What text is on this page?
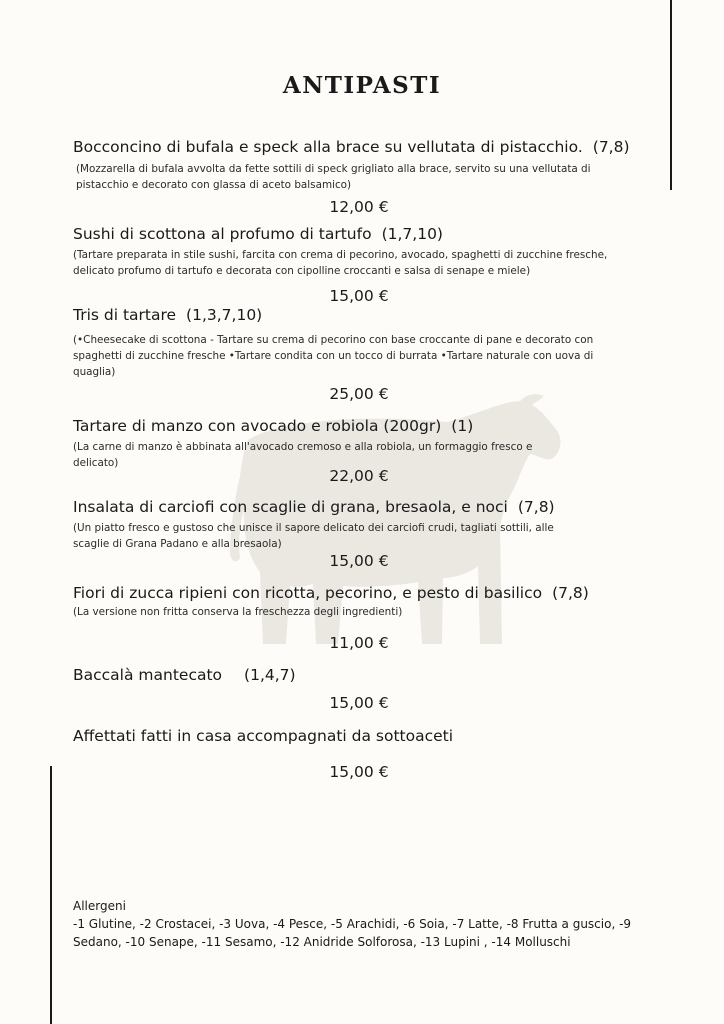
ANTIPASTI
Bocconcino di bufala e speck alla brace su vellutata di pistacchio. (7,8)
(Mozzarella di bufala avvolta da fette sottili di speck grigliato alla brace, servito su una vellutata di pistacchio e decorato con glassa di aceto balsamico)
12,00 €
Sushi di scottona al profumo di tartufo (1,7,10)
(Tartare preparata in stile sushi, farcita con crema di pecorino, avocado, spaghetti di zucchine fresche, delicato profumo di tartufo e decorata con cipolline croccanti e salsa di senape e miele)
15,00 €
Tris di tartare (1,3,7,10)
(•Cheesecake di scottona - Tartare su crema di pecorino con base croccante di pane e decorato con spaghetti di zucchine fresche •Tartare condita con un tocco di burrata •Tartare naturale con uova di quaglia)
25,00 €
Tartare di manzo con avocado e robiola (200gr) (1)
(La carne di manzo è abbinata all'avocado cremoso e alla robiola, un formaggio fresco e delicato)
22,00 €
Insalata di carciofi con scaglie di grana, bresaola, e noci (7,8)
(Un piatto fresco e gustoso che unisce il sapore delicato dei carciofi crudi, tagliati sottili, alle scaglie di Grana Padano e alla bresaola)
15,00 €
Fiori di zucca ripieni con ricotta, pecorino, e pesto di basilico (7,8)
(La versione non fritta conserva la freschezza degli ingredienti)
11,00 €
Baccalà mantecato (1,4,7)
15,00 €
Affettati fatti in casa accompagnati da sottoaceti
15,00 €
Allergeni
-1 Glutine, -2 Crostacei, -3 Uova, -4 Pesce, -5 Arachidi, -6 Soia, -7 Latte, -8 Frutta a guscio, -9 Sedano, -10 Senape, -11 Sesamo, -12 Anidride Solforosa, -13 Lupini , -14 Molluschi
